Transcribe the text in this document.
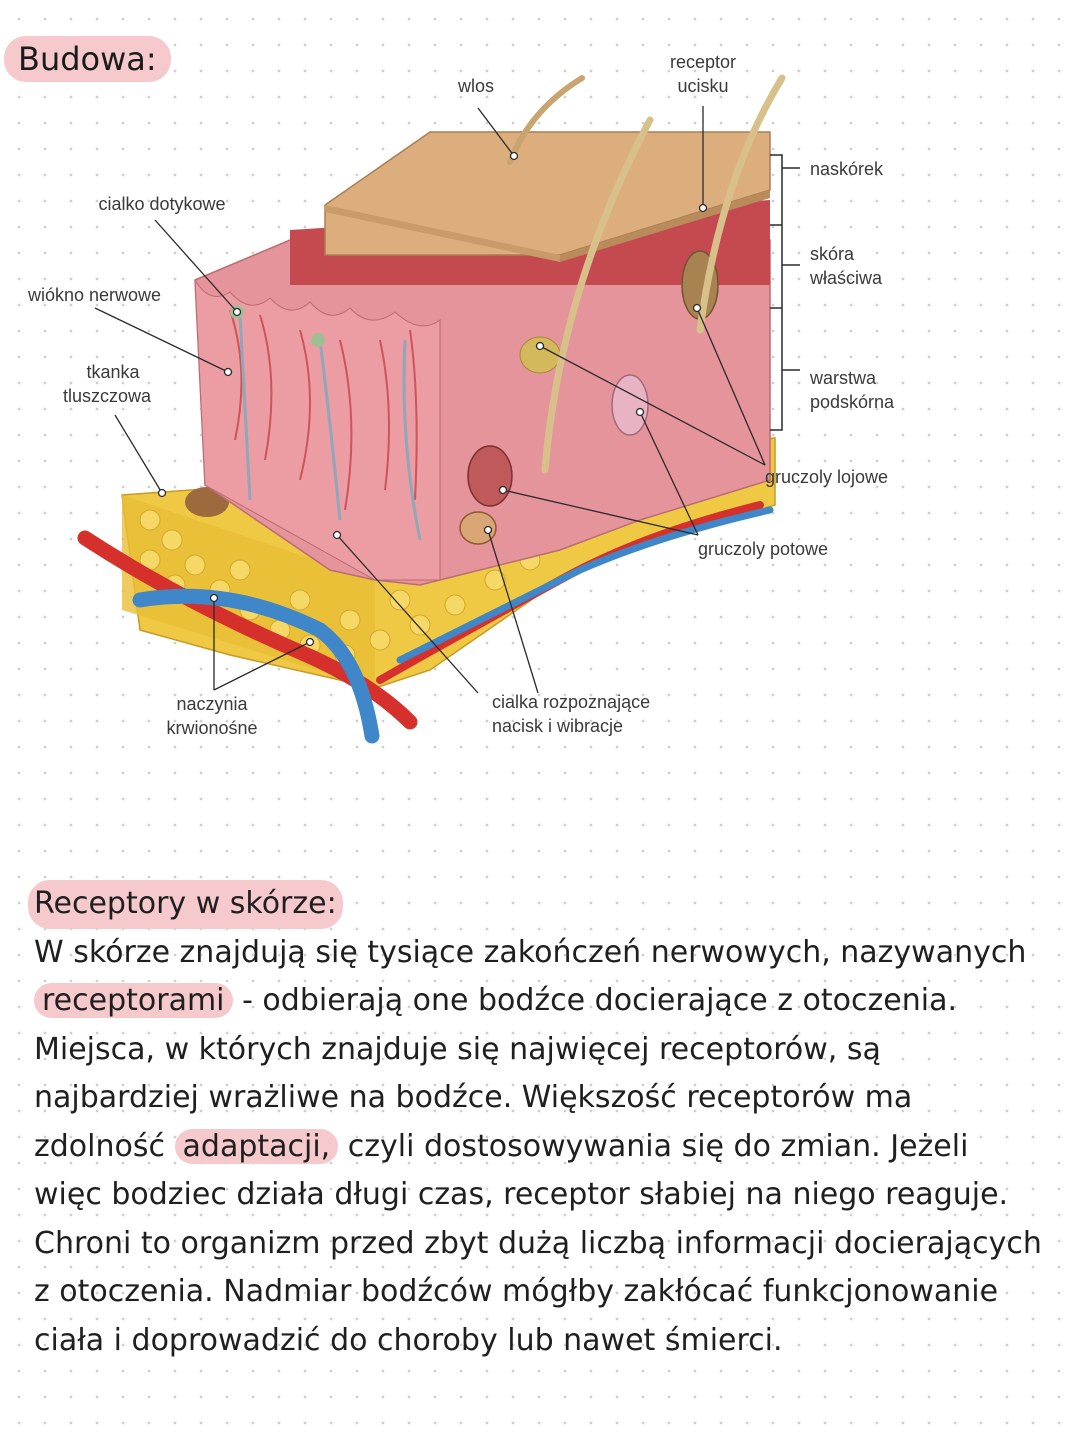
Budowa:
wlos
receptor
ucisku
cialko dotykowe
wiókno nerwowe
tkanka
tluszczowa
naskórek
skóra
właściwa
warstwa
podskórna
gruczoly lojowe
gruczoly potowe
naczynia
krwionośne
cialka rozpoznające
nacisk i wibracje
Receptory w skórze:

W skórze znajdują się tysiące zakończeń nerwowych, nazywanych receptorami - odbierają one bodźce docierające z otoczenia. Miejsca, w których znajduje się najwięcej receptorów, są najbardziej wrażliwe na bodźce. Większość receptorów ma zdolność adaptacji, czyli dostosowywania się do zmian. Jeżeli więc bodziec działa długi czas, receptor słabiej na niego reaguje. Chroni to organizm przed zbyt dużą liczbą informacji docierających z otoczenia. Nadmiar bodźców mógłby zakłócać funkcjonowanie ciała i doprowadzić do choroby lub nawet śmierci.
